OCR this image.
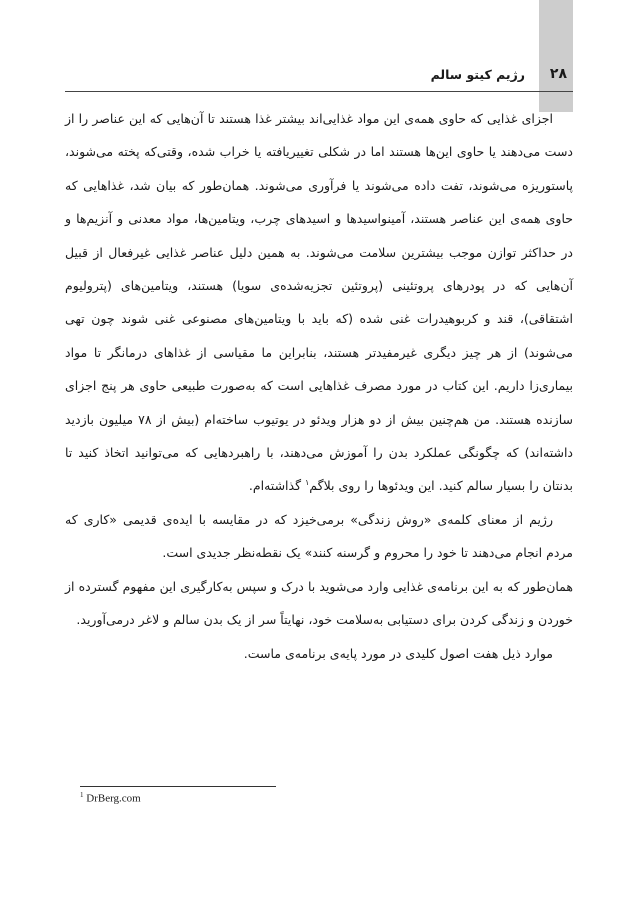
۲۸
رژیم کیتو سالم

اجزای غذایی که حاوی همه‌ی این مواد غذایی‌اند بیشتر غذا هستند تا آن‌هایی که این عناصر را از دست می‌دهند یا حاوی این‌ها هستند اما در شکلی تغییریافته یا خراب شده، وقتی‌که پخته می‌شوند، پاستوریزه می‌شوند، تفت داده می‌شوند یا فرآوری می‌شوند. همان‌طور که بیان شد، غذاهایی که حاوی همه‌ی این عناصر هستند، آمینواسیدها و اسیدهای چرب، ویتامین‌ها، مواد معدنی و آنزیم‌ها و در حداکثر توازن موجب بیشترین سلامت می‌شوند. به همین دلیل عناصر غذایی غیرفعال از قبیل آن‌هایی که در پودرهای پروتئینی (پروتئین تجزیه‌شده‌ی سویا) هستند، ویتامین‌های (پترولیوم اشتقاقی)، قند و کربوهیدرات غنی شده (که باید با ویتامین‌های مصنوعی غنی شوند چون تهی می‌شوند) از هر چیز دیگری غیرمفیدتر هستند، بنابراین ما مقیاسی از غذاهای درمانگر تا مواد بیماری‌زا داریم. این کتاب در مورد مصرف غذاهایی است که به‌صورت طبیعی حاوی هر پنج اجزای سازنده هستند. من هم‌چنین بیش از دو هزار ویدئو در یوتیوب ساخته‌ام (بیش از ۷۸ میلیون بازدید داشته‌اند) که چگونگی عملکرد بدن را آموزش می‌دهند، با راهبردهایی که می‌توانید اتخاذ کنید تا بدنتان را بسیار سالم کنید. این ویدئوها را روی بلاگم$^۱$ گذاشته‌ام.

رژیم از معنای کلمه‌ی «روش زندگی» برمی‌خیزد که در مقایسه با ایده‌ی قدیمی «کاری که مردم انجام می‌دهند تا خود را محروم و گرسنه کنند» یک نقطه‌نظر جدیدی است.

همان‌طور که به این برنامه‌ی غذایی وارد می‌شوید با درک و سپس به‌کارگیری این مفهوم گسترده از خوردن و زندگی کردن برای دستیابی به‌سلامت خود، نهایتاً سر از یک بدن سالم و لاغر درمی‌آورید.

موارد ذیل هفت اصول کلیدی در مورد پایه‌ی برنامه‌ی ماست.

$^1$ DrBerg.com
